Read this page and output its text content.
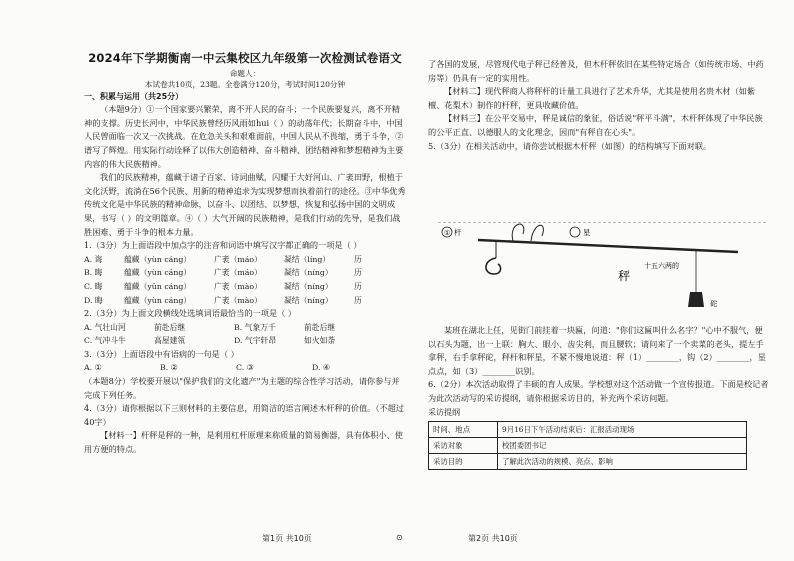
2024年下学期衡南一中云集校区九年级第一次检测试卷语文
命题人：
本试卷共10页，23题。全卷满分120分，考试时间120分钟
一、积累与运用（共25分）

（本题9分）①一个国家要兴繁荣，离不开人民的奋斗；一个民族要复兴，离不开精神的支撑。历史长河中，中华民族曾经历风雨如hui（ ）的动荡年代；长期奋斗中，中国人民曾面临一次又一次挑战。在危急关头和艰难面前，中国人民从不畏缩，勇于斗争，②谱写了辉煌。用实际行动诠释了以伟大创造精神、奋斗精神、团结精神和梦想精神为主要内容的伟大民族精神。

我们的民族精神，蕴藏于诸子百家、诗词曲赋，闪耀于大好河山、广袤田野，根植于文化沃野，流淌在56个民族、用新的精神追求为实现梦想而执着前行的途径。③中华优秀传统文化是中华民族的精神命脉，以奋斗、以团结、以梦想，恢复和弘扬中国的文明成果，书写（ ）的文明篇章。④（ ）大气开阔的民族精神，是我们行动的先导，是我们战胜困难、勇于斗争的根本力量。

1.（3分）为上面语段中加点字的注音和词语中填写汉字都正确的一项是（ ）

A. 诲	蕴藏（yùn cáng）	广袤（máo）	凝结（líng）	历
B. 晦	蕴藏（yùn cáng）	广袤（máo）	凝结（níng）	历
C. 晦	蕴藏（yǔn cáng）	广袤（mào）	凝结（níng）	历
D. 晦	蕴藏（yùn cáng）	广袤（mào）	凝结（níng）	历

2.（3分）为上面文段横线处选填词语最恰当的一项是（ ）

A. 气壮山河	前赴后继	B. 气象万千	前赴后继
C. 气冲斗牛	高屋建瓴	D. 气宇轩昂	如火如荼

3.（3分）上面语段中有语病的一句是（ ）

A. ①	B. ②	C. ③	D. ④

（本题8分）学校要开展以"保护我们的文化遗产"为主题的综合性学习活动，请你参与并完成下列任务。

4.（3分）请你根据以下三则材料的主要信息，用简洁的语言阐述木杆秤的价值。（不超过40字）

【材料一】杆秤是秤的一种，是利用杠杆原理来称质量的简易衡器，具有体积小、使用方便的特点。

了各国的发展，尽管现代电子秤已经普及，但木杆秤依旧在某些特定场合（如传统市场、中药房等）仍具有一定的实用性。

【材料二】现代秤商人将秤杆的计量工具进行了艺术升华，尤其是使用名贵木材（如紫檀、花梨木）制作的杆秤，更具收藏价值。

【材料三】在公平交易中，秤是诚信的象征，俗话说"秤平斗满"，木杆秤体现了中华民族的公平正直、以德服人的文化理念，因而"有秤自在心头"。

5.（3分）在相关活动中，请你尝试根据木杆秤（如图）的结构填写下面对联。

① 杆	星
十五六两的
秤
砣

某班在湖北上任，见街门前挂着一块匾，问道："你们这匾叫什么名字？"心中不服气，便以石头为题，出一上联：胸大、眼小、齿尖利，而且腰软；请问来了一个卖菜的老头，提左手拿秤，右手拿秤砣，秤杆和秤星，不紧不慢地说道：秤（1）________，钩（2）________，星点点，如（3）________识别。

6.（2分）本次活动取得了丰硕的育人成果。学校想对这个活动做一个宣传报道。下面是校记者为此次活动写的采访提纲，请你根据采访目的，补充两个采访问题。

采访提纲
时间、地点	9月16日下午活动结束后：汇报活动现场
采访对象	校团委团书记
采访目的	了解此次活动的规模、亮点、影响
第1页 共10页	第2页 共10页
⊙
